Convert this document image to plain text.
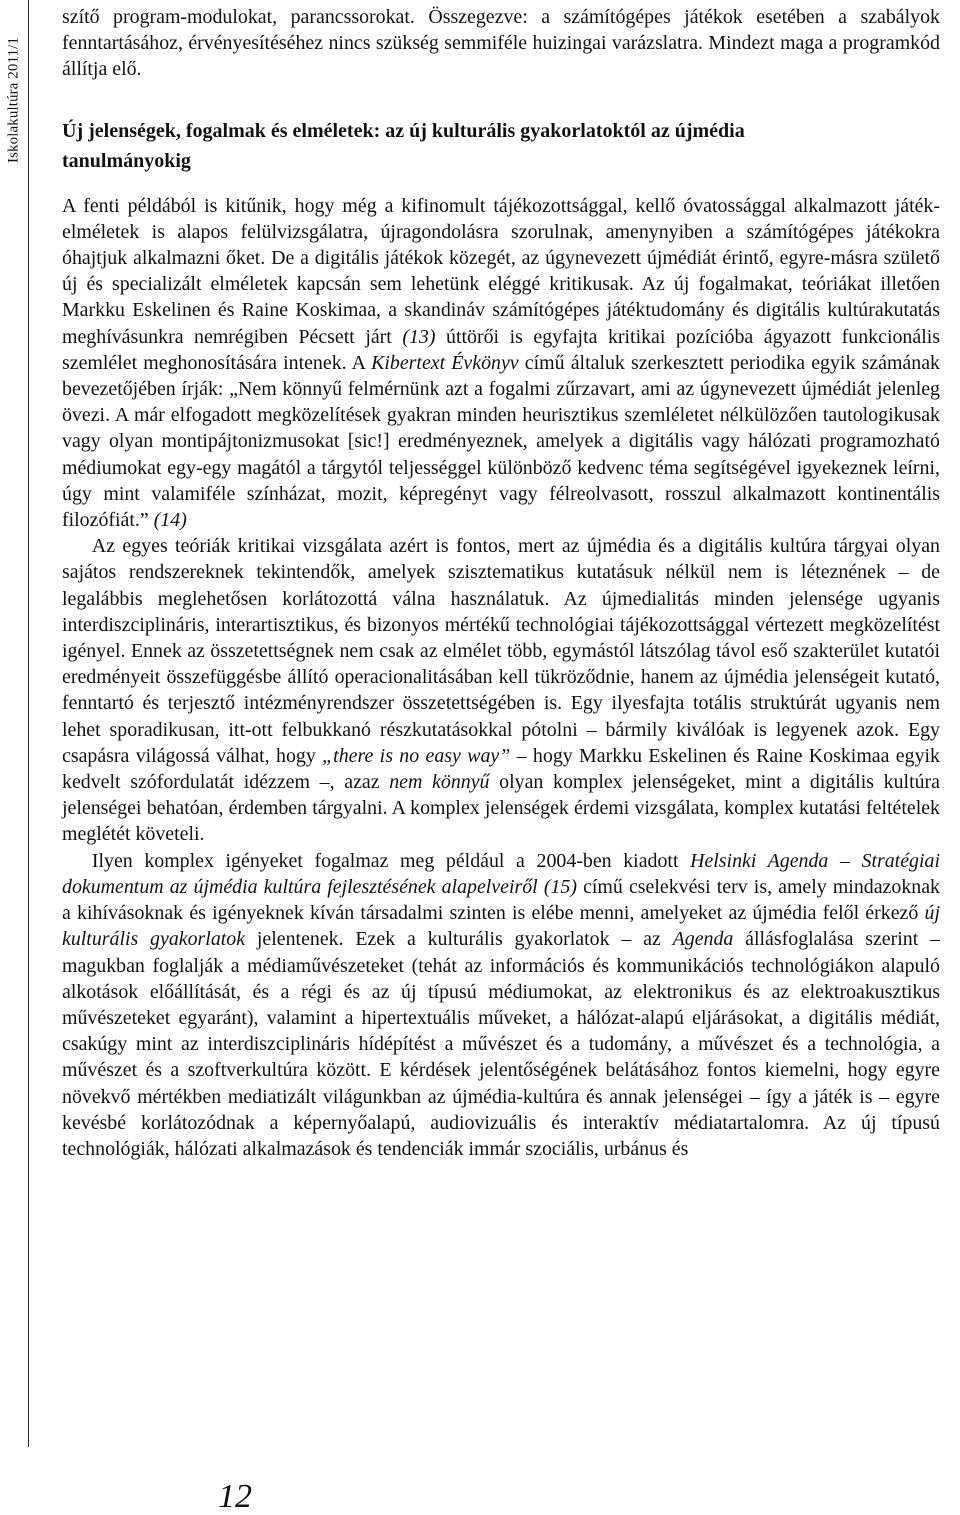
Iskolakultúra 2011/1

szítő program-modulokat, parancssorokat. Összegezve: a számítógépes játékok esetében a szabályok fenntartásához, érvényesítéséhez nincs szükség semmiféle huizingai varázslatra. Mindezt maga a programkód állítja elő.

Új jelenségek, fogalmak és elméletek: az új kulturális gyakorlatoktól az újmédia
tanulmányokig

A fenti példából is kitűnik, hogy még a kifinomult tájékozottsággal, kellő óvatossággal alkalmazott játék-elméletek is alapos felülvizsgálatra, újragondolásra szorulnak, amenynyiben a számítógépes játékokra óhajtjuk alkalmazni őket. De a digitális játékok közegét, az úgynevezett újmédiát érintő, egyre-másra születő új és specializált elméletek kapcsán sem lehetünk eléggé kritikusak. Az új fogalmakat, teóriákat illetően Markku Eskelinen és Raine Koskimaa, a skandináv számítógépes játéktudomány és digitális kultúrakutatás meghívásunkra nemrégiben Pécsett járt (13) úttörői is egyfajta kritikai pozícióba ágyazott funkcionális szemlélet meghonosítására intenek. A Kibertext Évkönyv című általuk szerkesztett periodika egyik számának bevezetőjében írják: „Nem könnyű felmérnünk azt a fogalmi zűrzavart, ami az úgynevezett újmédiát jelenleg övezi. A már elfogadott megközelítések gyakran minden heurisztikus szemléletet nélkülözően tautologikusak vagy olyan montipájtonizmusokat [sic!] eredményeznek, amelyek a digitális vagy hálózati programozható médiumokat egy-egy magától a tárgytól teljességgel különböző kedvenc téma segítségével igyekeznek leírni, úgy mint valamiféle színházat, mozit, képregényt vagy félreolvasott, rosszul alkalmazott kontinentális filozófiát.” (14)

Az egyes teóriák kritikai vizsgálata azért is fontos, mert az újmédia és a digitális kultúra tárgyai olyan sajátos rendszereknek tekintendők, amelyek szisztematikus kutatásuk nélkül nem is léteznének – de legalábbis meglehetősen korlátozottá válna használatuk. Az újmedialitás minden jelensége ugyanis interdiszciplináris, interartisztikus, és bizonyos mértékű technológiai tájékozottsággal vértezett megközelítést igényel. Ennek az összetettségnek nem csak az elmélet több, egymástól látszólag távol eső szakterület kutatói eredményeit összefüggésbe állító operacionalitásában kell tükröződnie, hanem az újmédia jelenségeit kutató, fenntartó és terjesztő intézményrendszer összetettségében is. Egy ilyesfajta totális struktúrát ugyanis nem lehet sporadikusan, itt-ott felbukkanó részkutatásokkal pótolni – bármily kiválóak is legyenek azok. Egy csapásra világossá válhat, hogy „there is no easy way” – hogy Markku Eskelinen és Raine Koskimaa egyik kedvelt szófordulatát idézzem –, azaz nem könnyű olyan komplex jelenségeket, mint a digitális kultúra jelenségei behatóan, érdemben tárgyalni. A komplex jelenségek érdemi vizsgálata, komplex kutatási feltételek meglétét követeli.

Ilyen komplex igényeket fogalmaz meg például a 2004-ben kiadott Helsinki Agenda – Stratégiai dokumentum az újmédia kultúra fejlesztésének alapelveiről (15) című cselekvési terv is, amely mindazoknak a kihívásoknak és igényeknek kíván társadalmi szinten is elébe menni, amelyeket az újmédia felől érkező új kulturális gyakorlatok jelentenek. Ezek a kulturális gyakorlatok – az Agenda állásfoglalása szerint – magukban foglalják a médiaművészeteket (tehát az információs és kommunikációs technológiákon alapuló alkotások előállítását, és a régi és az új típusú médiumokat, az elektronikus és az elektroakusztikus művészeteket egyaránt), valamint a hipertextuális műveket, a hálózat-alapú eljárásokat, a digitális médiát, csakúgy mint az interdiszciplináris hídépítést a művészet és a tudomány, a művészet és a technológia, a művészet és a szoftverkultúra között. E kérdések jelentőségének belátásához fontos kiemelni, hogy egyre növekvő mértékben mediatizált világunkban az újmédia-kultúra és annak jelenségei – így a játék is – egyre kevésbé korlátozódnak a képernyőalapú, audiovizuális és interaktív médiatartalomra. Az új típusú technológiák, hálózati alkalmazások és tendenciák immár szociális, urbánus és

12
